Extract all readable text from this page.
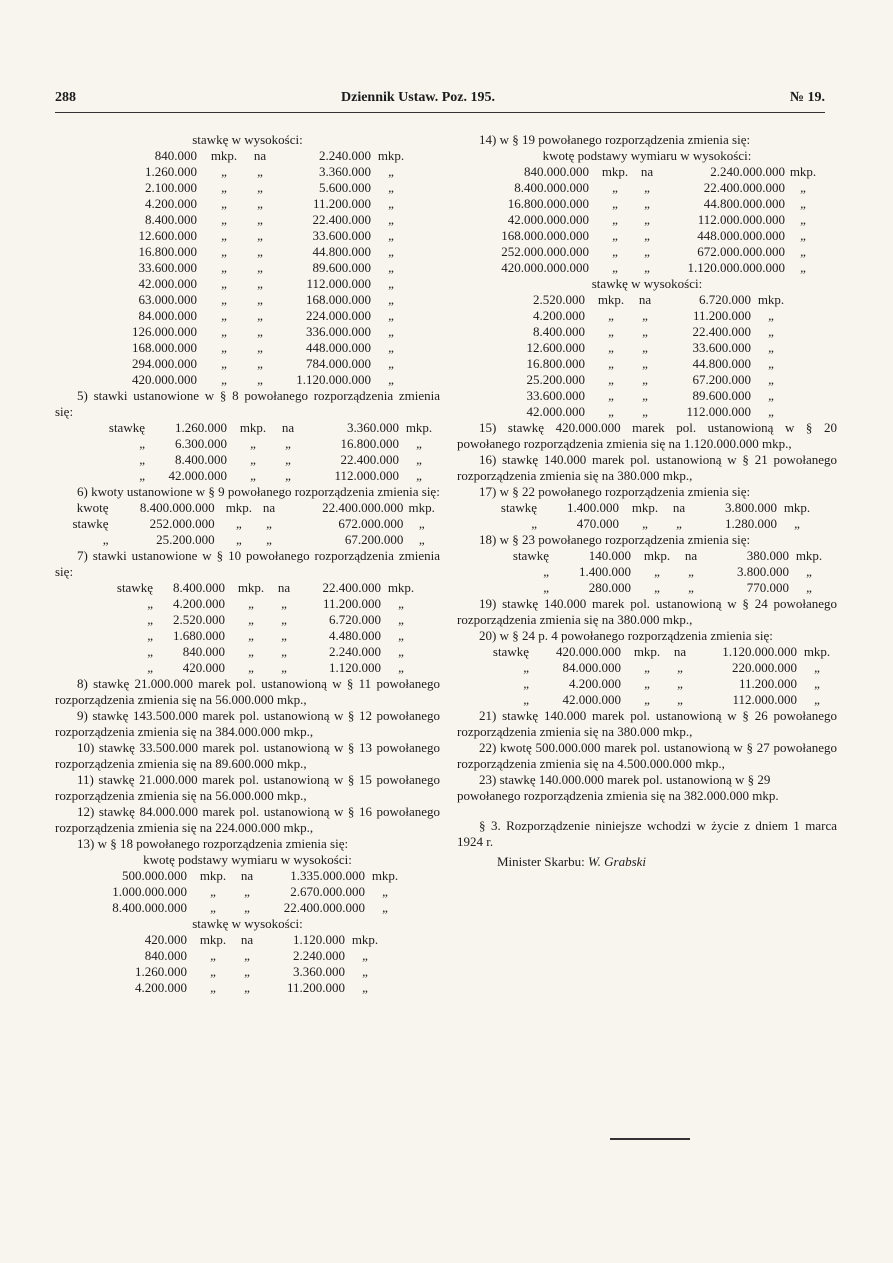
288	Dziennik Ustaw. Poz. 195.	№ 19.
stawkę w wysokości:
840.000	mkp.	na	2.240.000 mkp.
1.260.000	„	„	3.360.000	„
2.100.000	„	„	5.600.000	„
4.200.000	„	„	11.200.000	„
8.400.000	„	„	22.400.000	„
12.600.000	„	„	33.600.000	„
16.800.000	„	„	44.800.000	„
33.600.000	„	„	89.600.000	„
42.000.000	„	„	112.000.000	„
63.000.000	„	„	168.000.000	„
84.000.000	„	„	224.000.000	„
126.000.000	„	„	336.000.000	„
168.000.000	„	„	448.000.000	„
294.000.000	„	„	784.000.000	„
420.000.000	„	„	1.120.000.000	„
5) stawki ustanowione w § 8 powołanego rozporządzenia zmienia się:
stawkę	1.260.000 mkp.	na	3.360.000 mkp.
„	6.300.000	„	„	16.800.000	„
„	8.400.000	„	„	22.400.000	„
„	42.000.000	„	„	112.000.000	„
6) kwoty ustanowione w § 9 powołanego rozporządzenia zmienia się:
kwotę	8.400.000.000 mkp. na	22.400.000.000 mkp.
stawkę	252.000.000	„	„	672.000.000	„
„	25.200.000	„	„	67.200.000	„
7) stawki ustanowione w § 10 powołanego rozporządzenia zmienia się:
stawkę	8.400.000 mkp.	na	22.400.000 mkp.
„	4.200.000	„	„	11.200.000	„
„	2.520.000	„	„	6.720.000	„
„	1.680.000	„	„	4.480.000	„
„	840.000	„	„	2.240.000	„
„	420.000	„	„	1.120.000	„
8) stawkę 21.000.000 marek pol. ustanowioną w § 11 powołanego rozporządzenia zmienia się na 56.000.000 mkp.,
9) stawkę 143.500.000 marek pol. ustanowioną w § 12 powołanego rozporządzenia zmienia się na 384.000.000 mkp.,
10) stawkę 33.500.000 marek pol. ustanowioną w § 13 powołanego rozporządzenia zmienia się na 89.600.000 mkp.,
11) stawkę 21.000.000 marek pol. ustanowioną w § 15 powołanego rozporządzenia zmienia się na 56.000.000 mkp.,
12) stawkę 84.000.000 marek pol. ustanowioną w § 16 powołanego rozporządzenia zmienia się na 224.000.000 mkp.,
13) w § 18 powołanego rozporządzenia zmienia się:
kwotę podstawy wymiaru w wysokości:
500.000.000 mkp.	na	1.335.000.000 mkp.
1.000.000.000	„	„	2.670.000.000	„
8.400.000.000	„	„	22.400.000.000	„
stawkę w wysokości:
420.000 mkp.	na	1.120.000 mkp.
840.000	„	„	2.240.000	„
1.260.000	„	„	3.360.000	„
4.200.000	„	„	11.200.000	„
14) w § 19 powołanego rozporządzenia zmienia się:
kwotę podstawy wymiaru w wysokości:
840.000.000 mkp. na	2.240.000.000 mkp.
8.400.000.000	„	„	22.400.000.000	„
16.800.000.000	„	„	44.800.000.000	„
42.000.000.000	„	„	112.000.000.000	„
168.000.000.000	„	„	448.000.000.000	„
252.000.000.000	„	„	672.000.000.000	„
420.000.000.000	„	„	1.120.000.000.000	„
stawkę w wysokości:
2.520.000 mkp.	na	6.720.000 mkp.
4.200.000	„	„	11.200.000	„
8.400.000	„	„	22.400.000	„
12.600.000	„	„	33.600.000	„
16.800.000	„	„	44.800.000	„
25.200.000	„	„	67.200.000	„
33.600.000	„	„	89.600.000	„
42.000.000	„	„	112.000.000	„
15) stawkę 420.000.000 marek pol. ustanowioną w § 20 powołanego rozporządzenia zmienia się na 1.120.000.000 mkp.,
16) stawkę 140.000 marek pol. ustanowioną w § 21 powołanego rozporządzenia zmienia się na 380.000 mkp.,
17) w § 22 powołanego rozporządzenia zmienia się:
stawkę	1.400.000 mkp.	na	3.800.000 mkp.
„	470.000	„	„	1.280.000	„
18) w § 23 powołanego rozporządzenia zmienia się:
stawkę	140.000 mkp.	na	380.000 mkp.
„	1.400.000	„	„	3.800.000	„
„	280.000	„	„	770.000	„
19) stawkę 140.000 marek pol. ustanowioną w § 24 powołanego rozporządzenia zmienia się na 380.000 mkp.,
20) w § 24 p. 4 powołanego rozporządzenia zmienia się:
stawkę	420.000.000 mkp.	na	1.120.000.000 mkp.
„	84.000.000	„	„	220.000.000	„
„	4.200.000	„	„	11.200.000	„
„	42.000.000	„	„	112.000.000	„
21) stawkę 140.000 marek pol. ustanowioną w § 26 powołanego rozporządzenia zmienia się na 380.000 mkp.,
22) kwotę 500.000.000 marek pol. ustanowioną w § 27 powołanego rozporządzenia zmienia się na 4.500.000.000 mkp.,
23) stawkę 140.000.000 marek pol. ustanowioną w § 29 powołanego rozporządzenia zmienia się na 382.000.000 mkp.
§ 3. Rozporządzenie niniejsze wchodzi w życie z dniem 1 marca 1924 r.
Minister Skarbu: W. Grabski
